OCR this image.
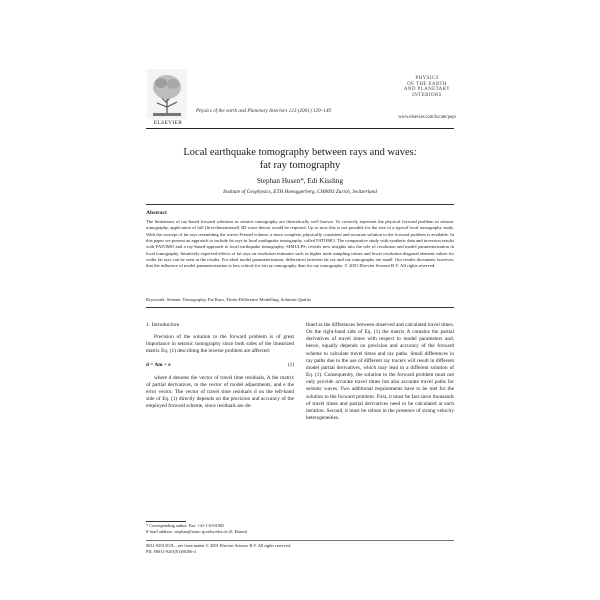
ELSEVIER
Physics of the earth and Planetary Interiors 123 (2001) 129–149
PHYSICS
OF THE EARTH
AND PLANETARY
INTERIORS
www.elsevier.com/locate/pepi
Local earthquake tomography between rays and waves:
fat ray tomography
Stephan Husen*, Edi Kissling
Institute of Geophysics, ETH Hoenggerberg, CH8093 Zurich, Switzerland
Abstract
The limitations of ray-based forward solutions in seismic tomography are theoretically well known. To correctly represent the physical forward problem in seismic tomography, application of full (first-dimensional) 3D wave theory would be required. Up to now this is not possible for the size of a typical local tomography study. With the concept of fat rays resembling the waves Fresnel volume, a more complete, physically consistent and accurate solution to the forward problem is available. In this paper we present an approach to include fat rays in local earthquake tomography, called FATOMO. The comparative study with synthetic data and inversion results with FATOMO and a ray-based approach to local earthquake tomography, SIMULPS, reveals new insights into the role of resolution and model parameterization in local tomography. Intuitively expected effects of fat rays on resolution estimates such as higher node sampling values and lower resolution diagonal element values for wider fat rays can be seen in the results. For ideal model parameterization, differences between fat ray and ray tomography are small. Our results document, however, that the influence of model parameterization is less critical for fat ray tomography than for ray tomography. © 2001 Elsevier Science B.V. All rights reserved.
Keywords: Seismic Tomography, Fat Rays, Finite-Difference Modelling, Solution Quality
1. Introduction

Precision of the solution to the forward problem is of great importance in seismic tomography since both sides of the linearized matrix Eq. (1) describing the inverse problem are affected:

d = Am + e	(1)

where d denotes the vector of travel time residuals, A the matrix of partial derivatives, m the vector of model adjustments, and e the error vector. The vector of travel time residuals d on the left-hand side of Eq. (1) directly depends on the precision and accuracy of the employed forward scheme, since residuals are de-

fined as the differences between observed and calculated travel times. On the right-hand side of Eq. (1) the matrix A contains the partial derivatives of travel times with respect to model parameters and, hence, equally depends on precision and accuracy of the forward scheme to calculate travel times and ray paths. Small differences in ray paths due to the use of different ray tracers will result in different model partial derivatives, which may lead to a different solution of Eq. (1). Consequently, the solution to the forward problem must not only provide accurate travel times but also accurate travel paths for seismic waves. Two additional requirements have to be met for the solution to the forward problem. First, it must be fast since thousands of travel times and partial derivatives need to be calculated at each iteration. Second, it must be robust in the presence of strong velocity heterogeneities.

* Corresponding author. Fax: +41-1-6331065
E-mail address: stephan@tomo.ig.erdw.ethz.ch (S. Husen)
0031-9201/01/$ – see front matter © 2001 Elsevier Science B.V. All rights reserved.
PII: S0031-9201(01)00206-3
